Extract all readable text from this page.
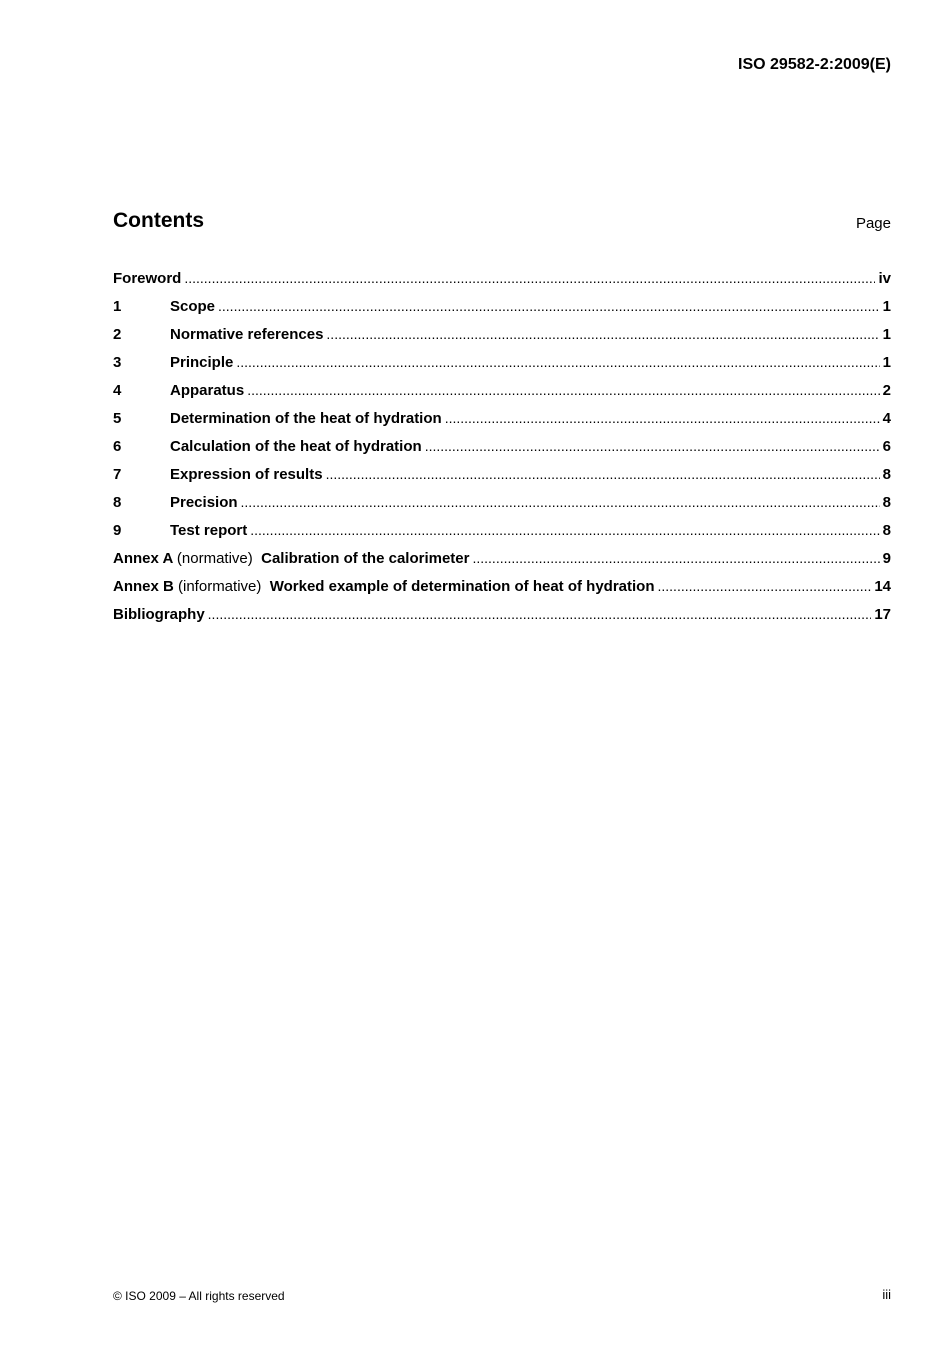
ISO 29582-2:2009(E)
Contents	Page
Foreword .....	iv
1	Scope .....	1
2	Normative references .....	1
3	Principle .....	1
4	Apparatus .....	2
5	Determination of the heat of hydration .....	4
6	Calculation of the heat of hydration .....	6
7	Expression of results .....	8
8	Precision .....	8
9	Test report .....	8
Annex A (normative) Calibration of the calorimeter .....	9
Annex B (informative) Worked example of determination of heat of hydration .....	14
Bibliography .....	17
© ISO 2009 – All rights reserved	iii
